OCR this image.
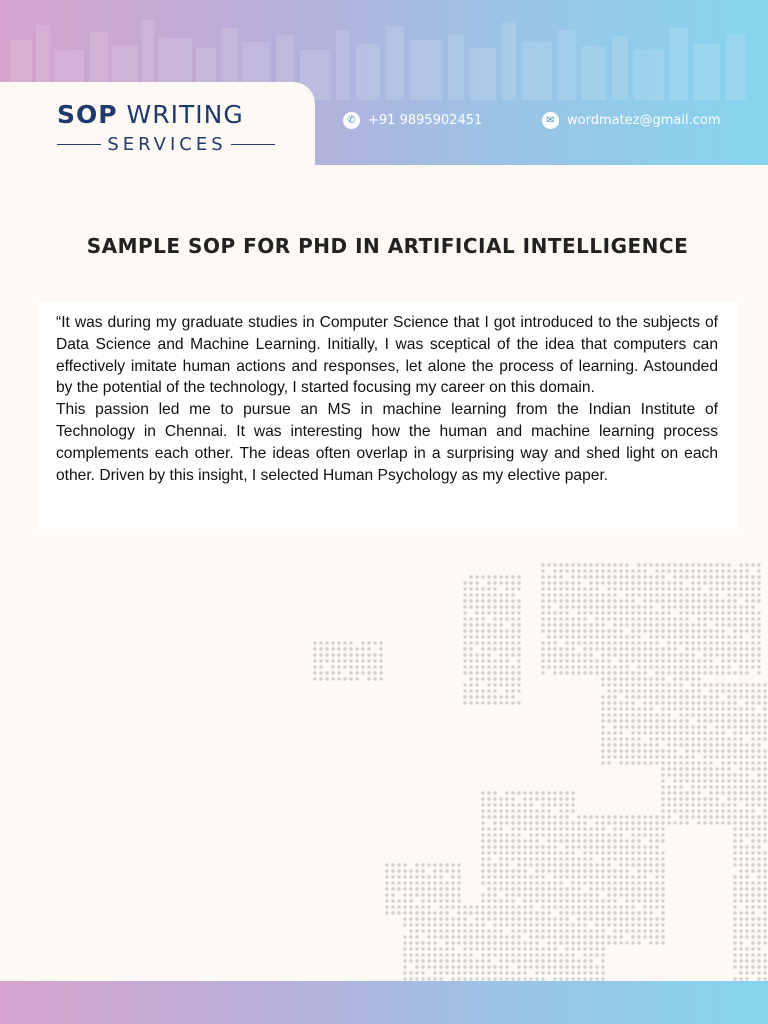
SOP WRITING
SERVICES
✆ +91 9895902451	✉ wordmatez@gmail.com
SAMPLE SOP FOR PHD IN ARTIFICIAL INTELLIGENCE

“It was during my graduate studies in Computer Science that I got introduced to the subjects of Data Science and Machine Learning. Initially, I was sceptical of the idea that computers can effectively imitate human actions and responses, let alone the process of learning. Astounded by the potential of the technology, I started focusing my career on this domain.

This passion led me to pursue an MS in machine learning from the Indian Institute of Technology in Chennai. It was interesting how the human and machine learning process complements each other. The ideas often overlap in a surprising way and shed light on each other. Driven by this insight, I selected Human Psychology as my elective paper.
